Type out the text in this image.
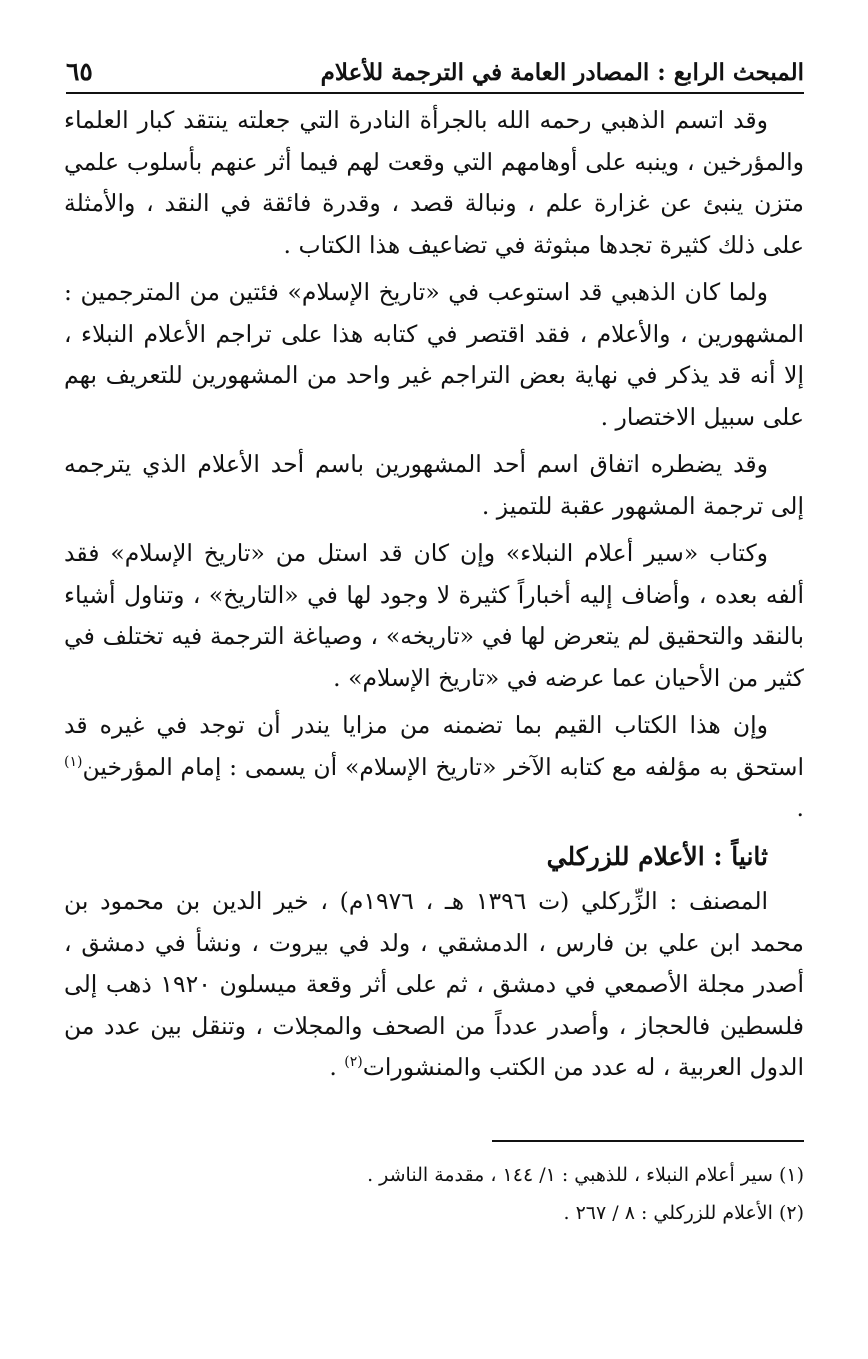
المبحث الرابع : المصادر العامة في الترجمة للأعلام
٦٥

وقد اتسم الذهبي رحمه الله بالجرأة النادرة التي جعلته ينتقد كبار العلماء والمؤرخين ، وينبه على أوهامهم التي وقعت لهم فيما أثر عنهم بأسلوب علمي متزن ينبئ عن غزارة علم ، ونبالة قصد ، وقدرة فائقة في النقد ، والأمثلة على ذلك كثيرة تجدها مبثوثة في تضاعيف هذا الكتاب .

ولما كان الذهبي قد استوعب في «تاريخ الإسلام» فئتين من المترجمين : المشهورين ، والأعلام ، فقد اقتصر في كتابه هذا على تراجم الأعلام النبلاء ، إلا أنه قد يذكر في نهاية بعض التراجم غير واحد من المشهورين للتعريف بهم على سبيل الاختصار .

وقد يضطره اتفاق اسم أحد المشهورين باسم أحد الأعلام الذي يترجمه إلى ترجمة المشهور عقبة للتميز .

وكتاب «سير أعلام النبلاء» وإن كان قد استل من «تاريخ الإسلام» فقد ألفه بعده ، وأضاف إليه أخباراً كثيرة لا وجود لها في «التاريخ» ، وتناول أشياء بالنقد والتحقيق لم يتعرض لها في «تاريخه» ، وصياغة الترجمة فيه تختلف في كثير من الأحيان عما عرضه في «تاريخ الإسلام» .

وإن هذا الكتاب القيم بما تضمنه من مزايا يندر أن توجد في غيره قد استحق به مؤلفه مع كتابه الآخر «تاريخ الإسلام» أن يسمى : إمام المؤرخين$^{(١)}$ .

ثانياً : الأعلام للزركلي

المصنف : الزِّركلي (ت ١٣٩٦ هـ ، ١٩٧٦م) ، خير الدين بن محمود بن محمد ابن علي بن فارس ، الدمشقي ، ولد في بيروت ، ونشأ في دمشق ، أصدر مجلة الأصمعي في دمشق ، ثم على أثر وقعة ميسلون ١٩٢٠ ذهب إلى فلسطين فالحجاز ، وأصدر عدداً من الصحف والمجلات ، وتنقل بين عدد من الدول العربية ، له عدد من الكتب والمنشورات$^{(٢)}$ .

(١) سير أعلام النبلاء ، للذهبي : ١/ ١٤٤ ، مقدمة الناشر .

(٢) الأعلام للزركلي : ٨ / ٢٦٧ .
